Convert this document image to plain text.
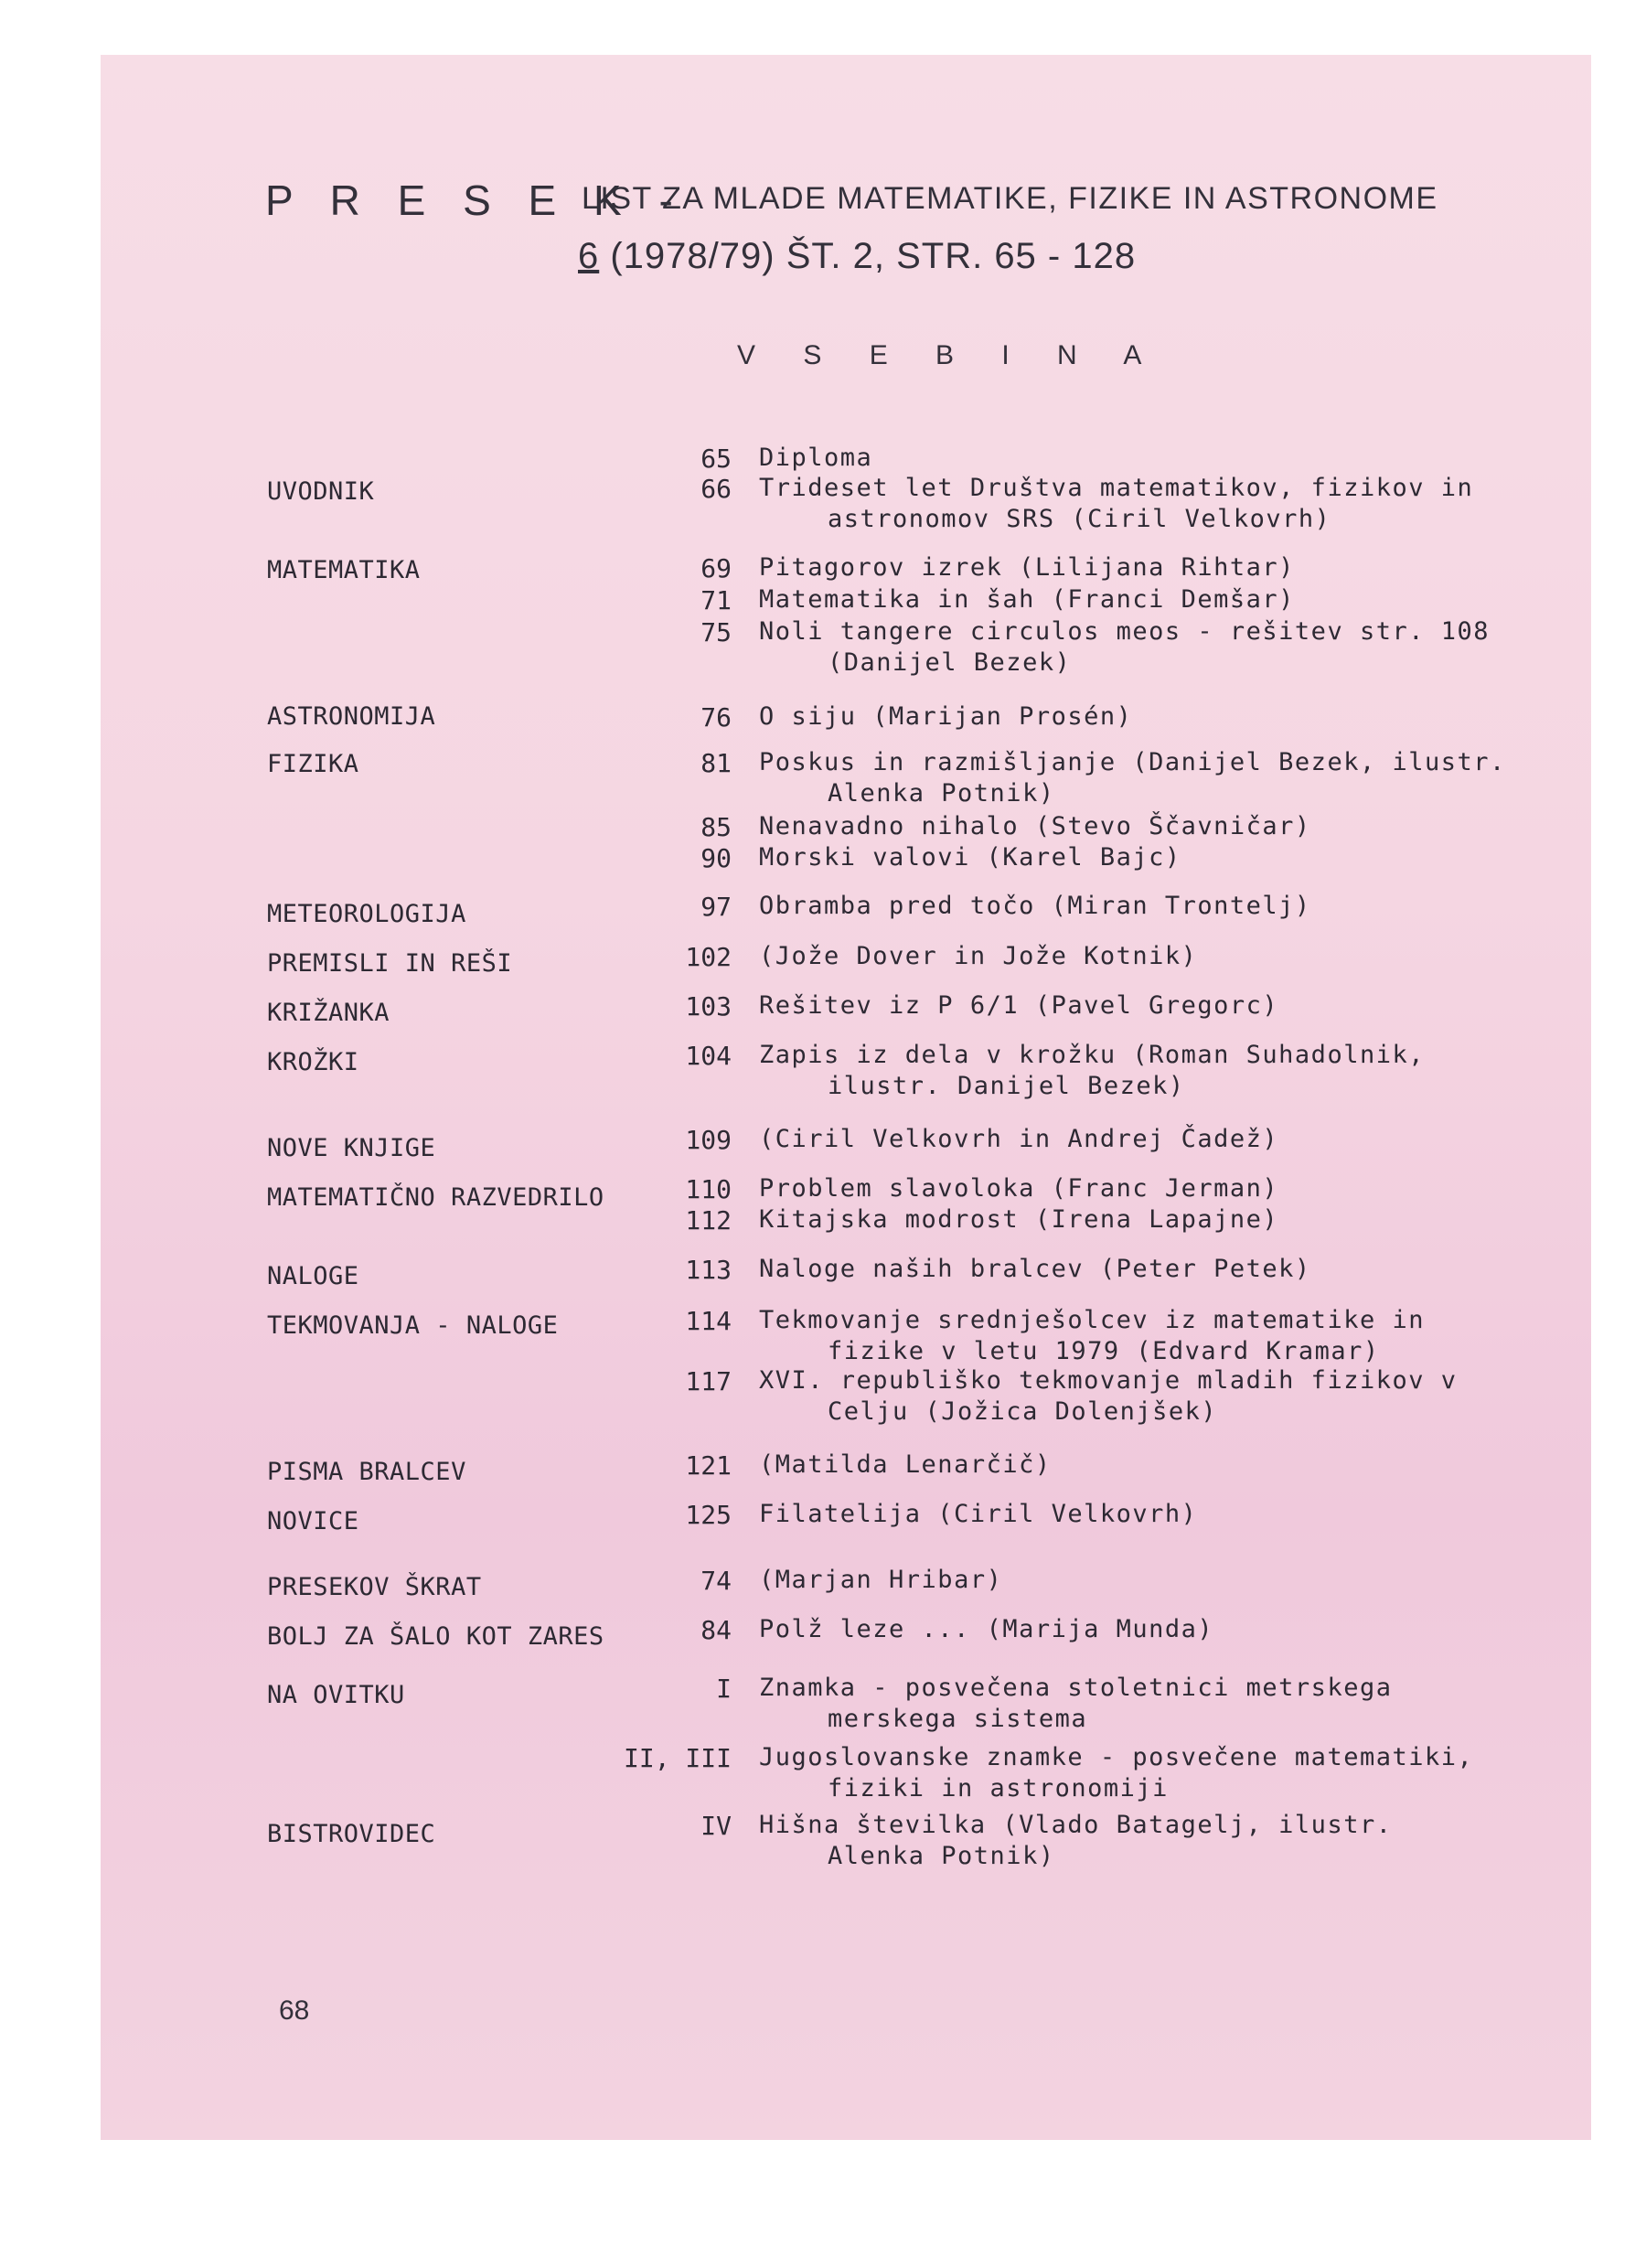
P R E S E K -
LIST ZA MLADE MATEMATIKE, FIZIKE IN ASTRONOME
6 (1978/79) ŠT. 2, STR. 65 - 128
V S E B I N A
UVODNIK
MATEMATIKA
ASTRONOMIJA
FIZIKA
METEOROLOGIJA
PREMISLI IN REŠI
KRIŽANKA
KROŽKI
NOVE KNJIGE
MATEMATIČNO RAZVEDRILO
NALOGE
TEKMOVANJA - NALOGE
PISMA BRALCEV
NOVICE
PRESEKOV ŠKRAT
BOLJ ZA ŠALO KOT ZARES
NA OVITKU
BISTROVIDEC
65 Diploma
66 Trideset let Društva matematikov, fizikov in
astronomov SRS (Ciril Velkovrh)
69 Pitagorov izrek (Lilijana Rihtar)
71 Matematika in šah (Franci Demšar)
75 Noli tangere circulos meos - rešitev str. 108
(Danijel Bezek)
76 O siju (Marijan Prosén)
81 Poskus in razmišljanje (Danijel Bezek, ilustr.
Alenka Potnik)
85 Nenavadno nihalo (Stevo Ščavničar)
90 Morski valovi (Karel Bajc)
97 Obramba pred točo (Miran Trontelj)
102 (Jože Dover in Jože Kotnik)
103 Rešitev iz P 6/1 (Pavel Gregorc)
104 Zapis iz dela v krožku (Roman Suhadolnik,
ilustr. Danijel Bezek)
109 (Ciril Velkovrh in Andrej Čadež)
110 Problem slavoloka (Franc Jerman)
112 Kitajska modrost (Irena Lapajne)
113 Naloge naših bralcev (Peter Petek)
114 Tekmovanje srednješolcev iz matematike in
fizike v letu 1979 (Edvard Kramar)
117 XVI. republiško tekmovanje mladih fizikov v
Celju (Jožica Dolenjšek)
121 (Matilda Lenarčič)
125 Filatelija (Ciril Velkovrh)
74 (Marjan Hribar)
84 Polž leze ... (Marija Munda)
I Znamka - posvečena stoletnici metrskega
merskega sistema
II, III Jugoslovanske znamke - posvečene matematiki,
fiziki in astronomiji
IV Hišna številka (Vlado Batagelj, ilustr.
Alenka Potnik)
68
